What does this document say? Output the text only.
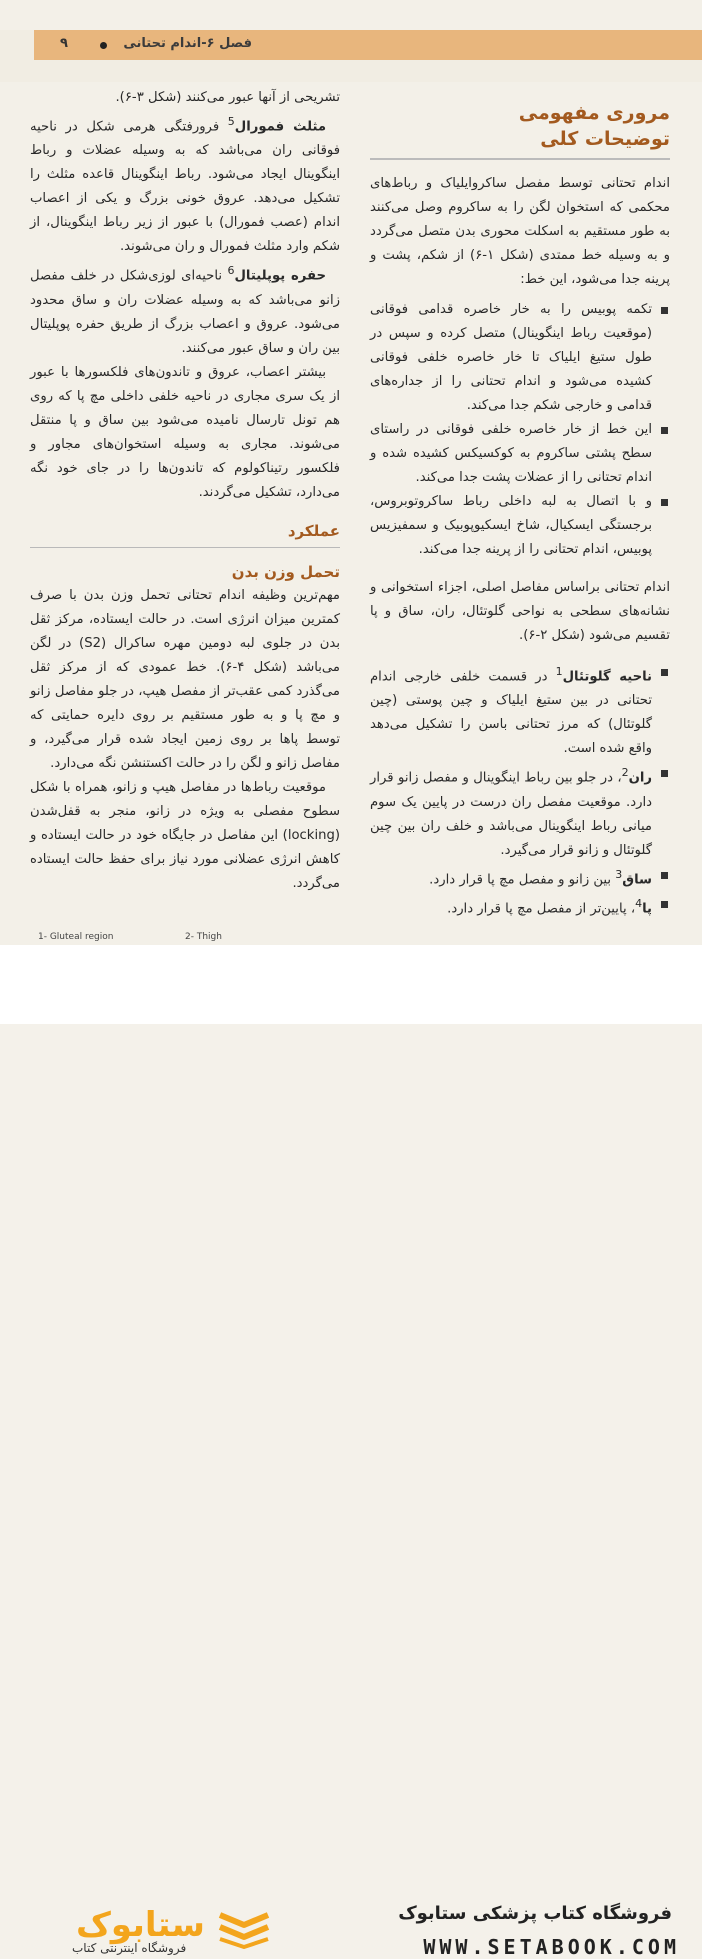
فصل ۶-اندام تحتانی
۹
مروری مفهومی
توضیحات کلی

اندام تحتانی توسط مفصل ساکروایلیاک و رباط‌های محکمی که استخوان لگن را به ساکروم وصل می‌کنند به طور مستقیم به اسکلت محوری بدن متصل می‌گردد و به وسیله خط ممتدی (شکل ۱-۶) از شکم، پشت و پرینه جدا می‌شود، این خط:

تکمه پوبیس را به خار خاصره قدامی فوقانی (موقعیت رباط اینگوینال) متصل کرده و سپس در طول ستیغ ایلیاک تا خار خاصره خلفی فوقانی کشیده می‌شود و اندام تحتانی را از جداره‌های قدامی و خارجی شکم جدا می‌کند.
این خط از خار خاصره خلفی فوقانی در راستای سطح پشتی ساکروم به کوکسیکس کشیده شده و اندام تحتانی را از عضلات پشت جدا می‌کند.
و با اتصال به لبه داخلی رباط ساکروتوبروس، برجستگی ایسکیال، شاخ ایسکیوپوبیک و سمفیزیس پوبیس، اندام تحتانی را از پرینه جدا می‌کند.

اندام تحتانی براساس مفاصل اصلی، اجزاء استخوانی و نشانه‌های سطحی به نواحی گلوتئال، ران، ساق و پا تقسیم می‌شود (شکل ۲-۶).

ناحیه گلوتئال$^1$ در قسمت خلفی خارجی اندام تحتانی در بین ستیغ ایلیاک و چین پوستی (چین گلوتئال) که مرز تحتانی باسن را تشکیل می‌دهد واقع شده است.
ران$^2$، در جلو بین رباط اینگوینال و مفصل زانو قرار دارد. موقعیت مفصل ران درست در پایین یک سوم میانی رباط اینگوینال می‌باشد و خلف ران بین چین گلوتئال و زانو قرار می‌گیرد.
ساق$^3$ بین زانو و مفصل مچ پا قرار دارد.
پا$^4$، پایین‌تر از مفصل مچ پا قرار دارد.

تشریحی از آنها عبور می‌کنند (شکل ۳-۶).

مثلث فمورال$^5$ فرورفتگی هرمی شکل در ناحیه فوقانی ران می‌باشد که به وسیله عضلات و رباط اینگوینال ایجاد می‌شود. رباط اینگوینال قاعده مثلث را تشکیل می‌دهد. عروق خونی بزرگ و یکی از اعصاب اندام (عصب فمورال) با عبور از زیر رباط اینگوینال، از شکم وارد مثلث فمورال و ران می‌شوند.

حفره پوپلیتال$^6$ ناحیه‌ای لوزی‌شکل در خلف مفصل زانو می‌باشد که به وسیله عضلات ران و ساق محدود می‌شود. عروق و اعصاب بزرگ از طریق حفره پوپلیتال بین ران و ساق عبور می‌کنند.

بیشتر اعصاب، عروق و تاندون‌های فلکسورها با عبور از یک سری مجاری در ناحیه خلفی داخلی مچ پا که روی هم تونل تارسال نامیده می‌شود بین ساق و پا منتقل می‌شوند. مجاری به وسیله استخوان‌های مجاور و فلکسور رتیناکولوم که تاندون‌ها را در جای خود نگه می‌دارد، تشکیل می‌گردند.

عملکرد
تحمل وزن بدن

مهم‌ترین وظیفه اندام تحتانی تحمل وزن بدن با صرف کمترین میزان انرژی است. در حالت ایستاده، مرکز ثقل بدن در جلوی لبه دومین مهره ساکرال (S2) در لگن می‌باشد (شکل ۴-۶). خط عمودی که از مرکز ثقل می‌گذرد کمی عقب‌تر از مفصل هیپ، در جلو مفاصل زانو و مچ پا و به طور مستقیم بر روی دایره حمایتی که توسط پاها بر روی زمین ایجاد شده قرار می‌گیرد، و مفاصل زانو و لگن را در حالت اکستنشن نگه می‌دارد.

موقعیت رباط‌ها در مفاصل هیپ و زانو، همراه با شکل سطوح مفصلی به ویژه در زانو، منجر به قفل‌شدن (locking) این مفاصل در جایگاه خود در حالت ایستاده و کاهش انرژی عضلانی مورد نیاز برای حفظ حالت ایستاده می‌گردد.

1- Gluteal region	2- Thigh
ستابوک
فروشگاه اینترنتی کتاب
فروشگاه کتاب پزشکی ستابوک
WWW.SETABOOK.COM
